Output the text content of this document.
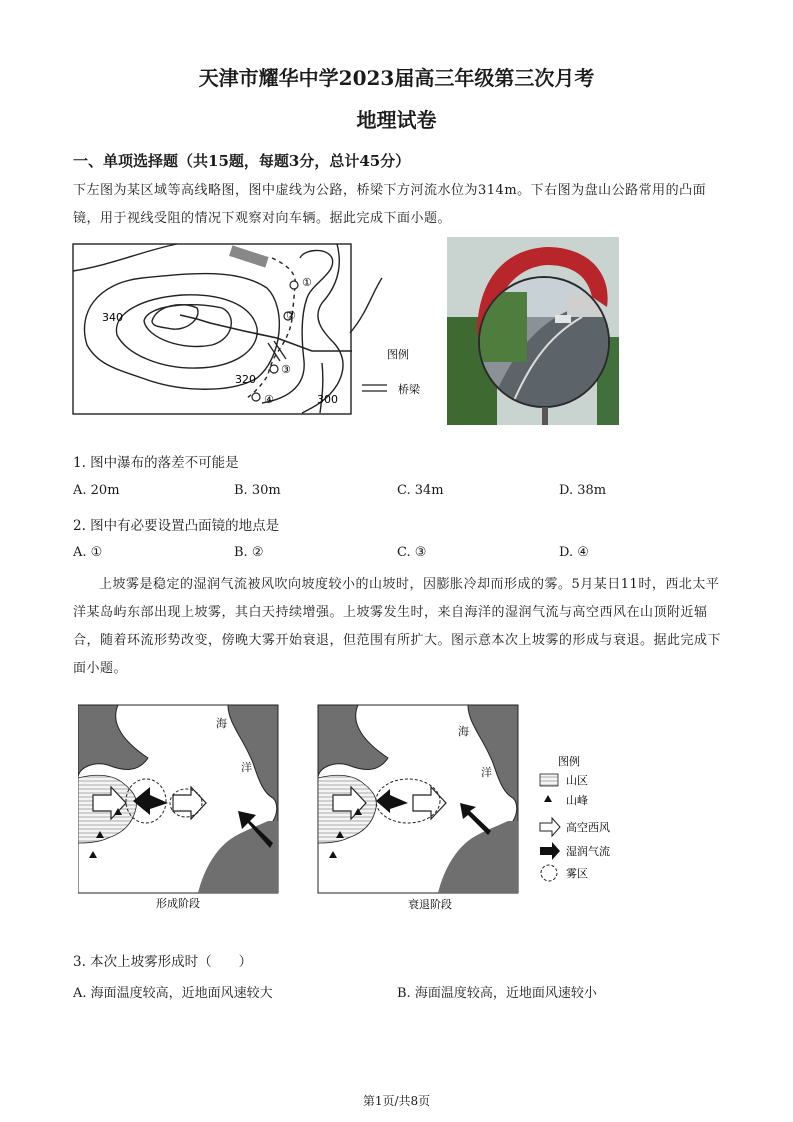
天津市耀华中学2023届高三年级第三次月考
地理试卷
一、单项选择题（共15题，每题3分，总计45分）
下左图为某区域等高线略图，图中虚线为公路，桥梁下方河流水位为314m。下右图为盘山公路常用的凸面镜，用于视线受阻的情况下观察对向车辆。据此完成下面小题。
①
②
③
④
340
320
300
图例
桥梁
1. 图中瀑布的落差不可能是
A. 20m	B. 30m	C. 34m	D. 38m
2. 图中有必要设置凸面镜的地点是
A. ①	B. ②	C. ③	D. ④
上坡雾是稳定的湿润气流被风吹向坡度较小的山坡时，因膨胀冷却而形成的雾。5月某日11时，西北太平洋某岛屿东部出现上坡雾，其白天持续增强。上坡雾发生时，来自海洋的湿润气流与高空西风在山顶附近辐合，随着环流形势改变，傍晚大雾开始衰退，但范围有所扩大。图示意本次上坡雾的形成与衰退。据此完成下面小题。
海
洋
形成阶段
海
洋
衰退阶段
图例
山区
山峰
高空西风
湿润气流
雾区
3. 本次上坡雾形成时（　　）
A. 海面温度较高，近地面风速较大	B. 海面温度较高，近地面风速较小
第1页/共8页
